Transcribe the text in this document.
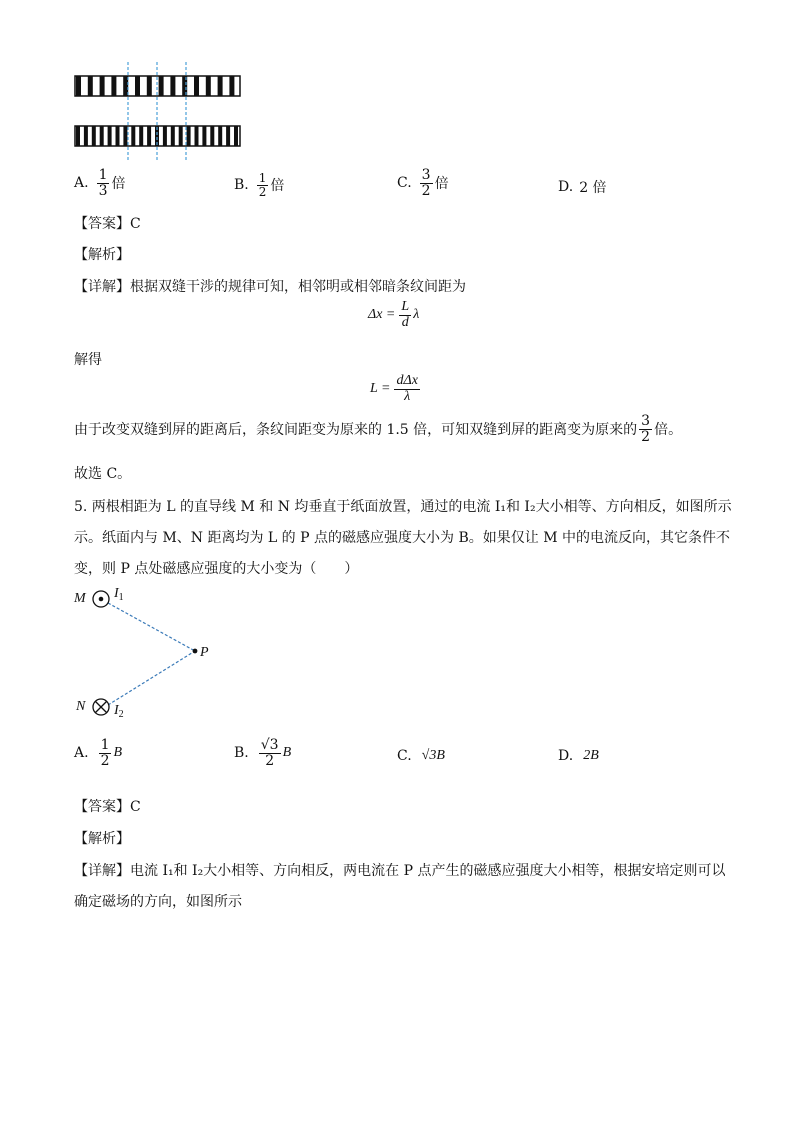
A. $\frac{1}{3}$ 倍	B. $\frac{1}{2}$ 倍	C. $\frac{3}{2}$ 倍	D. 2 倍
【答案】C
【解析】
【详解】根据双缝干涉的规律可知，相邻明或相邻暗条纹间距为
$\Delta x = \frac{L}{d}$ λ
解得
$L = \frac{\text{dΔx}}{\lambda}$
由于改变双缝到屏的距离后，条纹间距变为原来的 1.5 倍，可知双缝到屏的距离变为原来的 $\frac{3}{2}$ 倍。
故选 C。
5. 两根相距为 L 的直导线 M 和 N 均垂直于纸面放置，通过的电流 I₁和 I₂大小相等、方向相反，如图所示
示。纸面内与 M、N 距离均为 L 的 P 点的磁感应强度大小为 B。如果仅让 M 中的电流反向，其它条件不
变，则 P 点处磁感应强度的大小变为（　　）
M $I_1$
P
N $I_2$
A. $\frac{1}{2}$ B	B. $\frac{√3}{2}$ B	C. √3B	D. 2B
【答案】C
【解析】
【详解】电流 I₁和 I₂大小相等、方向相反，两电流在 P 点产生的磁感应强度大小相等，根据安培定则可以
确定磁场的方向，如图所示
